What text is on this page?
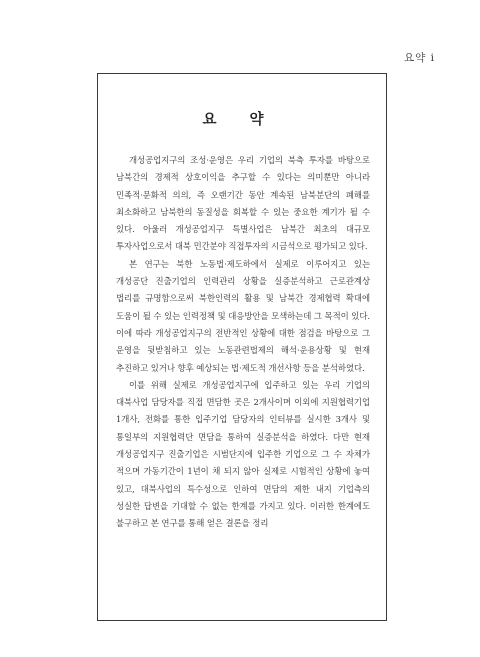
요약 i
요 약

개성공업지구의 조성·운영은 우리 기업의 북측 투자를 바탕으로 남북간의 경제적 상호이익을 추구할 수 있다는 의미뿐만 아니라 민족적·문화적 의의, 즉 오랜기간 동안 계속된 남북분단의 폐해를 최소화하고 남북한의 동질성을 회복할 수 있는 중요한 계기가 될 수 있다. 아울러 개성공업지구 특별사업은 남북간 최초의 대규모 투자사업으로서 대북 민간분야 직접투자의 시금석으로 평가되고 있다.

본 연구는 북한 노동법·제도하에서 실제로 이루어지고 있는 개성공단 진출기업의 인력관리 상황을 실증분석하고 근로관계상 법리를 규명함으로써 북한인력의 활용 및 남북간 경제협력 확대에 도움이 될 수 있는 인력정책 및 대응방안을 모색하는데 그 목적이 있다. 이에 따라 개성공업지구의 전반적인 상황에 대한 점검을 바탕으로 그 운영을 뒷받침하고 있는 노동관련법제의 해석·운용상황 및 현재 추진하고 있거나 향후 예상되는 법·제도적 개선사항 등을 분석하였다.

이를 위해 실제로 개성공업지구에 입주하고 있는 우리 기업의 대북사업 담당자를 직접 면담한 곳은 2개사이며 이외에 지원협력기업 1개사, 전화를 통한 입주기업 담당자의 인터뷰를 실시한 3개사 및 통일부의 지원협력단 면담을 통하여 실증분석을 하였다. 다만 현재 개성공업지구 진출기업은 시범단지에 입주한 기업으로 그 수 자체가 적으며 가동기간이 1년이 채 되지 않아 실제로 시험적인 상황에 놓여 있고, 대북사업의 특수성으로 인하여 면담의 제한 내지 기업측의 성실한 답변을 기대할 수 없는 한계를 가지고 있다. 이러한 한계에도 불구하고 본 연구를 통해 얻은 결론을 정리
